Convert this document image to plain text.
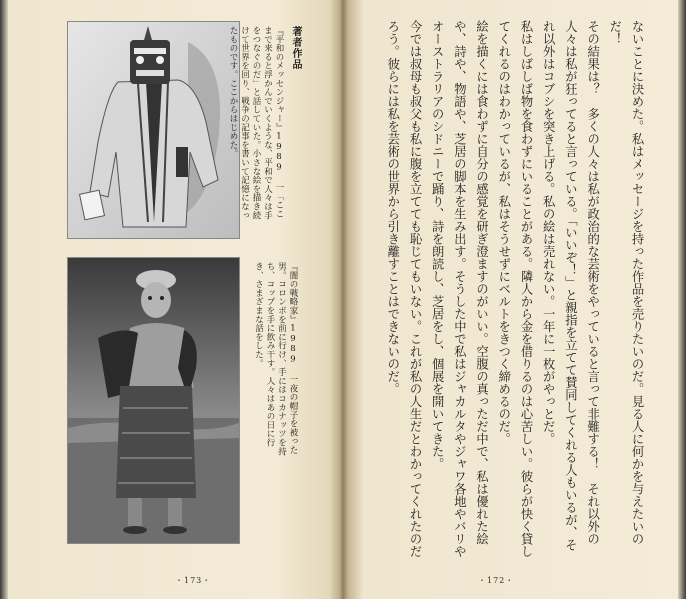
著者作品
『平和のメッセンジャー』1989 一「ここまで来ると浮かんでいくような、平和で人々は手をつなぐのだ」と話していた。小さな絵を描き続けて世界を回り、戦争の記事を書いて記憶になったものです。ここからはじめた。
『闇の戦略家』1989 一夜の帽子を被った男。コロンボを前に行け、手にはコカナッツを持ち、コップを手に飲み干す。人々はあの日に行き、さまざまな話をした。	ないことに決めた。私はメッセージを持った作品を売りたいのだ。見る人に何かを与えたいのだ！

その結果は？　多くの人々は私が政治的な芸術をやっていると言って非難する！　それ以外の人々は私が狂ってると言っている。「いいぞ！」と親指を立てて賛同してくれる人もいるが、それ以外はコブシを突き上げる。私の絵は売れない。一年に一枚がやっとだ。

私はしばしば物を食わずにいることがある。隣人から金を借りるのは心苦しい。彼らが快く貸してくれるのはわかっているが、私はそうせずにベルトをきつく締めるのだ。

絵を描くには食わずに自分の感覚を研ぎ澄ますのがいい。空腹の真っただ中で、私は優れた絵や、詩や、物語や、芝居の脚本を生み出す。そうした中で私はジャカルタやジャワ各地やバリやオーストラリアのシドニーで踊り、詩を朗読し、芝居をし、個展を開いてきた。

今では叔母も叔父も私に腹を立てても恥じてもいない。これが私の人生だとわかってくれたのだろう。彼らには私を芸術の世界から引き離すことはできないのだ。

・173・	・172・
